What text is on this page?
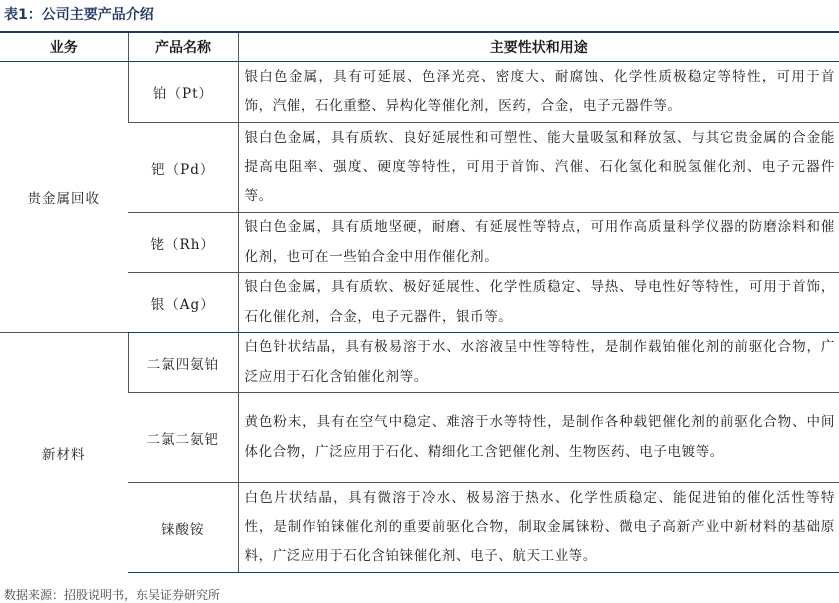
表1：公司主要产品介绍
业务	产品名称	主要性状和用途
贵金属回收	铂（Pt）	银白色金属，具有可延展、色泽光亮、密度大、耐腐蚀、化学性质极稳定等特性，可用于首饰，汽催，石化重整、异构化等催化剂，医药，合金，电子元器件等。
	钯（Pd）	银白色金属，具有质软、良好延展性和可塑性、能大量吸氢和释放氢、与其它贵金属的合金能提高电阻率、强度、硬度等特性，可用于首饰、汽催、石化氢化和脱氢催化剂、电子元器件等。
	铑（Rh）	银白色金属，具有质地坚硬，耐磨、有延展性等特点，可用作高质量科学仪器的防磨涂料和催化剂，也可在一些铂合金中用作催化剂。
	银（Ag）	银白色金属，具有质软、极好延展性、化学性质稳定、导热、导电性好等特性，可用于首饰，石化催化剂，合金，电子元器件，银币等。
新材料	二氯四氨铂	白色针状结晶，具有极易溶于水、水溶液呈中性等特性，是制作载铂催化剂的前驱化合物，广泛应用于石化含铂催化剂等。
	二氯二氨钯	黄色粉末，具有在空气中稳定、难溶于水等特性，是制作各种载钯催化剂的前驱化合物、中间体化合物，广泛应用于石化、精细化工含钯催化剂、生物医药、电子电镀等。
	铼酸铵	白色片状结晶，具有微溶于冷水、极易溶于热水、化学性质稳定、能促进铂的催化活性等特性，是制作铂铼催化剂的重要前驱化合物，制取金属铼粉、微电子高新产业中新材料的基础原料，广泛应用于石化含铂铼催化剂、电子、航天工业等。
数据来源：招股说明书，东吴证券研究所
